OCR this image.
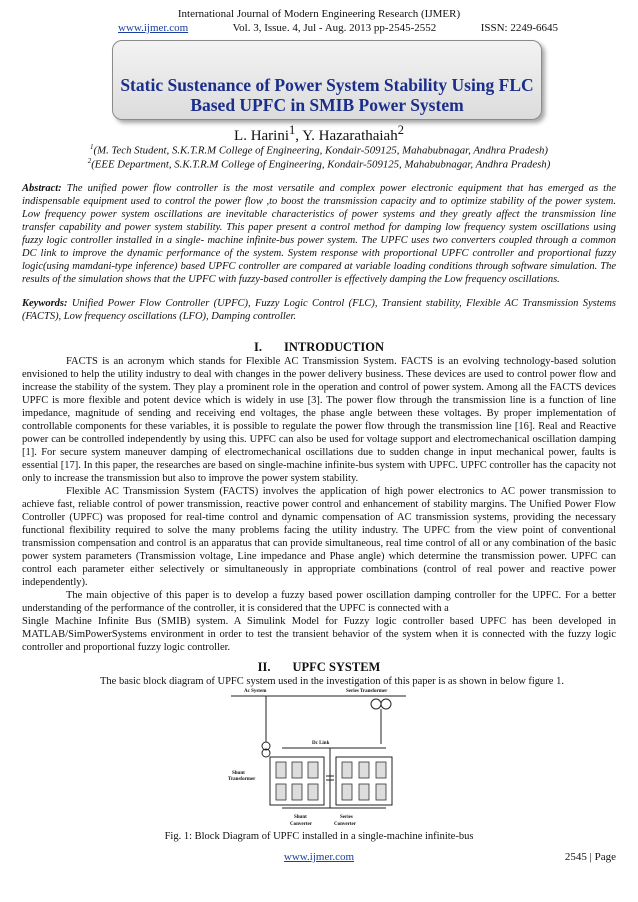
International Journal of Modern Engineering Research (IJMER)
www.ijmer.com	Vol. 3, Issue. 4, Jul - Aug. 2013 pp-2545-2552	ISSN: 2249-6645
Static Sustenance of Power System Stability Using FLC
Based UPFC in SMIB Power System
L. Harini$^1$, Y. Hazarathaiah$^2$
$^1$(M. Tech Student, S.K.T.R.M College of Engineering, Kondair-509125, Mahabubnagar, Andhra Pradesh)
$^2$(EEE Department, S.K.T.R.M College of Engineering, Kondair-509125, Mahabubnagar, Andhra Pradesh)
Abstract: The unified power flow controller is the most versatile and complex power electronic equipment that has emerged as the indispensable equipment used to control the power flow ,to boost the transmission capacity and to optimize stability of the power system. Low frequency power system oscillations are inevitable characteristics of power systems and they greatly affect the transmission line transfer capability and power system stability. This paper present a control method for damping low frequency system oscillations using fuzzy logic controller installed in a single- machine infinite-bus power system. The UPFC uses two converters coupled through a common DC link to improve the dynamic performance of the system. System response with proportional UPFC controller and proportional fuzzy logic(using mamdani-type inference) based UPFC controller are compared at variable loading conditions through software simulation. The results of the simulation shows that the UPFC with fuzzy-based controller is effectively damping the Low frequency oscillations.
Keywords: Unified Power Flow Controller (UPFC), Fuzzy Logic Control (FLC), Transient stability, Flexible AC Transmission Systems (FACTS), Low frequency oscillations (LFO), Damping controller.
I. INTRODUCTION

FACTS is an acronym which stands for Flexible AC Transmission System. FACTS is an evolving technology-based solution envisioned to help the utility industry to deal with changes in the power delivery business. These devices are used to control power flow and increase the stability of the system. They play a prominent role in the operation and control of power system. Among all the FACTS devices UPFC is more flexible and potent device which is widely in use [3]. The power flow through the transmission line is a function of line impedance, magnitude of sending and receiving end voltages, the phase angle between these voltages. By proper implementation of controllable components for these variables, it is possible to regulate the power flow through the transmission line [16]. Real and Reactive power can be controlled independently by using this. UPFC can also be used for voltage support and electromechanical oscillation damping [1]. For secure system maneuver damping of electromechanical oscillations due to sudden change in input mechanical power, faults is essential [17]. In this paper, the researches are based on single-machine infinite-bus system with UPFC. UPFC controller has the capacity not only to increase the transmission but also to improve the power system stability.

Flexible AC Transmission System (FACTS) involves the application of high power electronics to AC power transmission to achieve fast, reliable control of power transmission, reactive power control and enhancement of stability margins. The Unified Power Flow Controller (UPFC) was proposed for real-time control and dynamic compensation of AC transmission systems, providing the necessary functional flexibility required to solve the many problems facing the utility industry. The UPFC from the view point of conventional transmission compensation and control is an apparatus that can provide simultaneous, real time control of all or any combination of the basic power system parameters (Transmission voltage, Line impedance and Phase angle) which determine the transmission power. UPFC can control each parameter either selectively or simultaneously in appropriate combinations (control of real power and reactive power independently).

The main objective of this paper is to develop a fuzzy based power oscillation damping controller for the UPFC. For a better understanding of the performance of the controller, it is considered that the UPFC is connected with a

Single Machine Infinite Bus (SMIB) system. A Simulink Model for Fuzzy logic controller based UPFC has been developed in MATLAB/SimPowerSystems environment in order to test the transient behavior of the system when it is connected with the fuzzy logic controller and proportional fuzzy logic controller.

II. UPFC SYSTEM

The basic block diagram of UPFC system used in the investigation of this paper is as shown in below figure 1.

Ac System	Series Transformer
Dc Link
Shunt
Transformer
Shunt
Converter
Series
Converter
Fig. 1: Block Diagram of UPFC installed in a single-machine infinite-bus
www.ijmer.com	2545 | Page
